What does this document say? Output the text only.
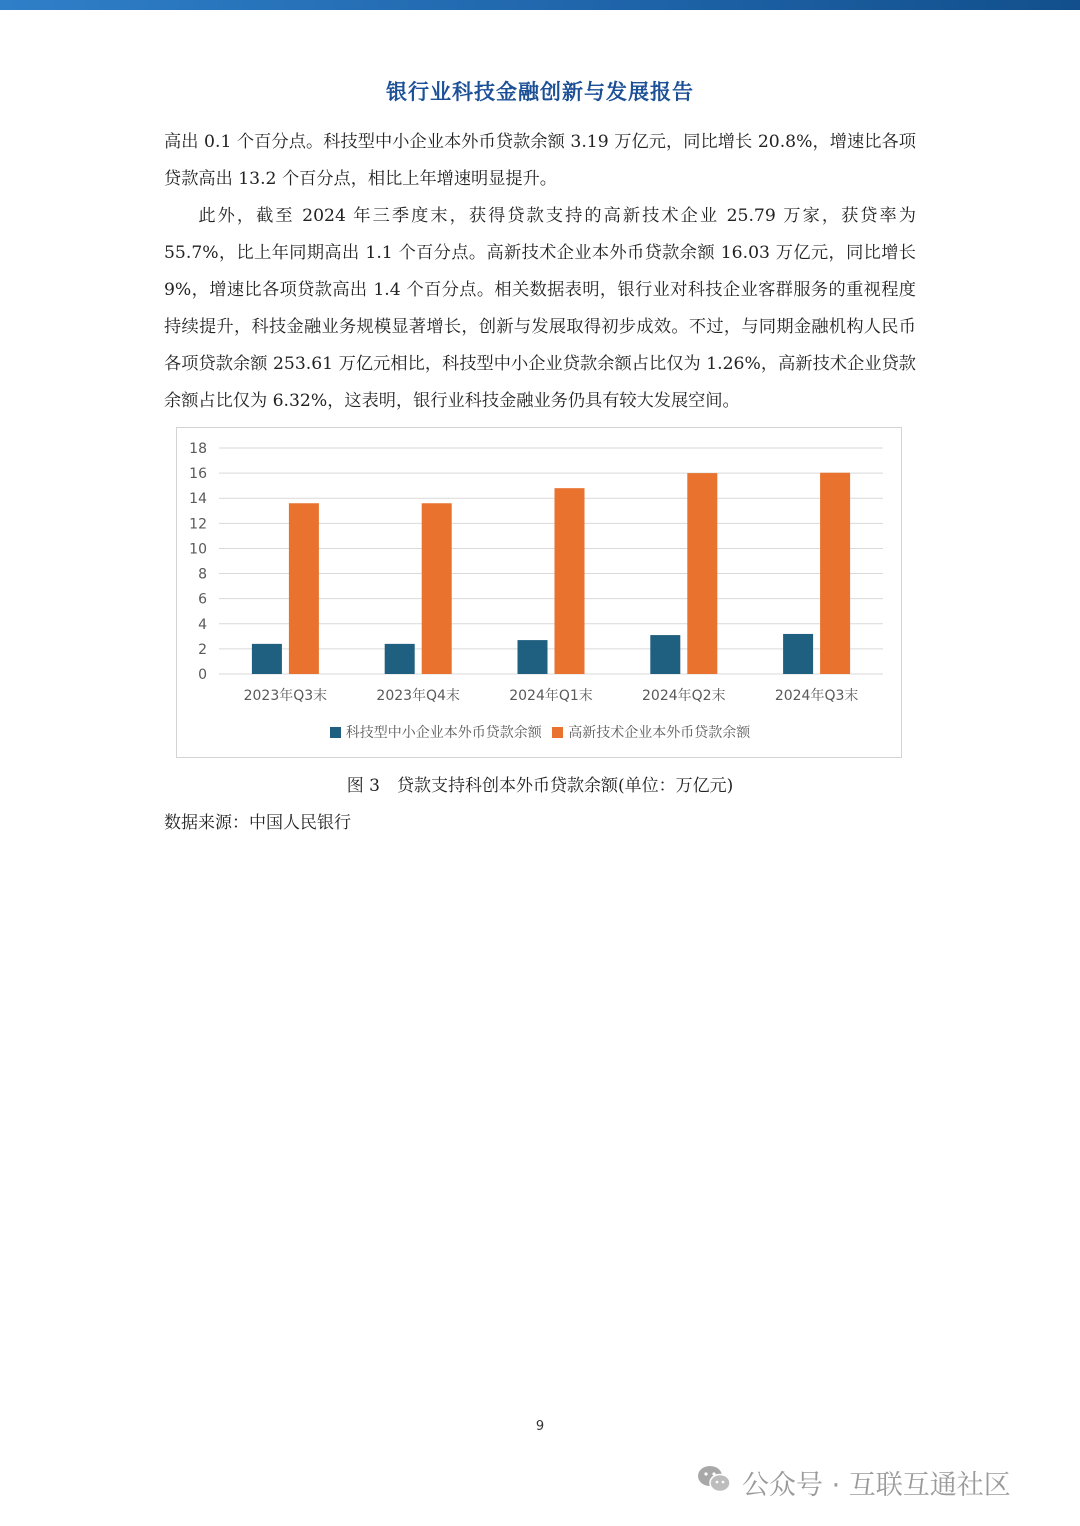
银行业科技金融创新与发展报告

高出 0.1 个百分点。科技型中小企业本外币贷款余额 3.19 万亿元，同比增长 20.8%，增速比各项贷款高出 13.2 个百分点，相比上年增速明显提升。

此外，截至 2024 年三季度末，获得贷款支持的高新技术企业 25.79 万家，获贷率为 55.7%，比上年同期高出 1.1 个百分点。高新技术企业本外币贷款余额 16.03 万亿元，同比增长 9%，增速比各项贷款高出 1.4 个百分点。相关数据表明，银行业对科技企业客群服务的重视程度持续提升，科技金融业务规模显著增长，创新与发展取得初步成效。不过，与同期金融机构人民币各项贷款余额 253.61 万亿元相比，科技型中小企业贷款余额占比仅为 1.26%，高新技术企业贷款余额占比仅为 6.32%，这表明，银行业科技金融业务仍具有较大发展空间。

0
2
4
6
8
10
12
14
16
18
2023年Q3末	2023年Q4末	2024年Q1末	2024年Q2末	2024年Q3末
科技型中小企业本外币贷款余额 高新技术企业本外币贷款余额
图 3　贷款支持科创本外币贷款余额(单位：万亿元)
数据来源：中国人民银行
9
公众号 · 互联互通社区
